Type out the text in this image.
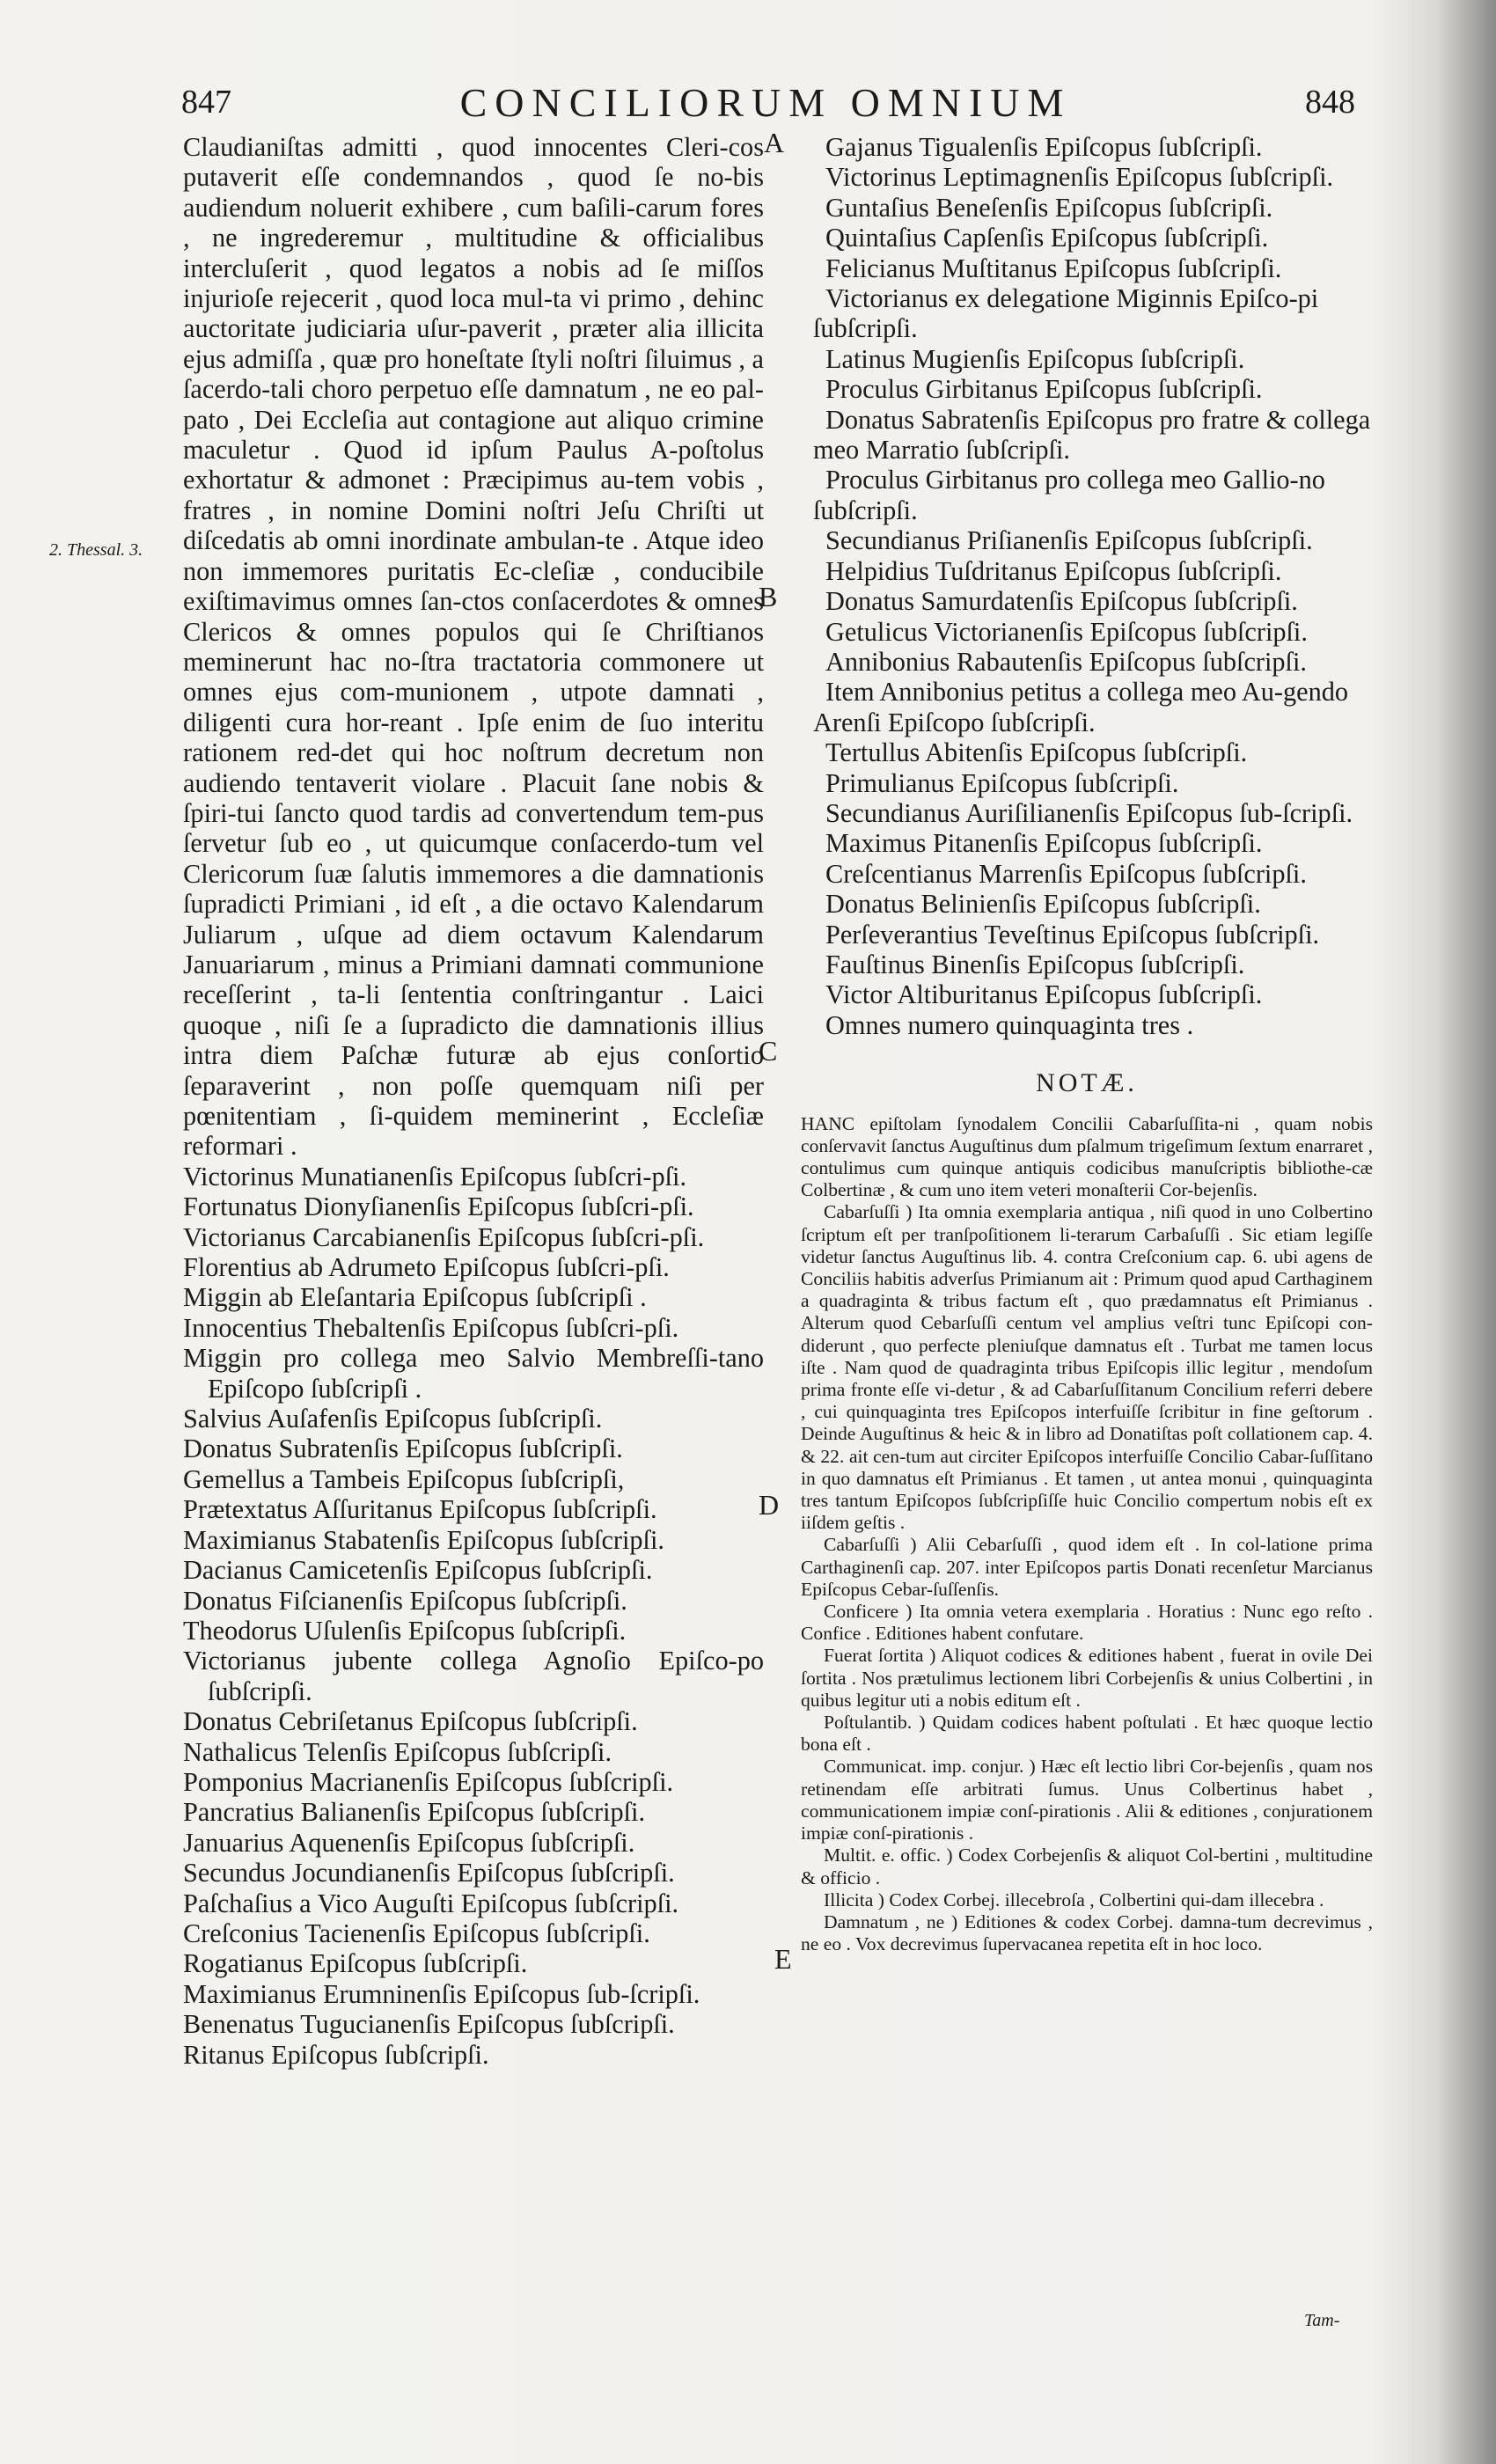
847	CONCILIORUM OMNIUM	848
2. Thessal. 3.
A
B
C
D
E

Claudianiſtas admitti , quod innocentes Cleri-cos putaverit eſſe condemnandos , quod ſe no-bis audiendum noluerit exhibere , cum baſili-carum fores , ne ingrederemur , multitudine & officialibus intercluſerit , quod legatos a nobis ad ſe miſſos injurioſe rejecerit , quod loca mul-ta vi primo , dehinc auctoritate judiciaria uſur-paverit , præter alia illicita ejus admiſſa , quæ pro honeſtate ſtyli noſtri ſiluimus , a ſacerdo-tali choro perpetuo eſſe damnatum , ne eo pal-pato , Dei Eccleſia aut contagione aut aliquo crimine maculetur . Quod id ipſum Paulus A-poſtolus exhortatur & admonet : Præcipimus au-tem vobis , fratres , in nomine Domini noſtri Jeſu Chriſti ut diſcedatis ab omni inordinate ambulan-te . Atque ideo non immemores puritatis Ec-cleſiæ , conducibile exiſtimavimus omnes ſan-ctos conſacerdotes & omnes Clericos & omnes populos qui ſe Chriſtianos meminerunt hac no-ſtra tractatoria commonere ut omnes ejus com-munionem , utpote damnati , diligenti cura hor-reant . Ipſe enim de ſuo interitu rationem red-det qui hoc noſtrum decretum non audiendo tentaverit violare . Placuit ſane nobis & ſpiri-tui ſancto quod tardis ad convertendum tem-pus ſervetur ſub eo , ut quicumque conſacerdo-tum vel Clericorum ſuæ ſalutis immemores a die damnationis ſupradicti Primiani , id eſt , a die octavo Kalendarum Juliarum , uſque ad diem octavum Kalendarum Januariarum , minus a Primiani damnati communione receſſerint , ta-li ſententia conſtringantur . Laici quoque , niſi ſe a ſupradicto die damnationis illius intra diem Paſchæ futuræ ab ejus conſortio ſeparaverint , non poſſe quemquam niſi per pœnitentiam , ſi-quidem meminerint , Eccleſiæ reformari .

Victorinus Munatianenſis Epiſcopus ſubſcri-pſi.

Fortunatus Dionyſianenſis Epiſcopus ſubſcri-pſi.

Victorianus Carcabianenſis Epiſcopus ſubſcri-pſi.

Florentius ab Adrumeto Epiſcopus ſubſcri-pſi.

Miggin ab Eleſantaria Epiſcopus ſubſcripſi .

Innocentius Thebaltenſis Epiſcopus ſubſcri-pſi.

Miggin pro collega meo Salvio Membreſſi-tano Epiſcopo ſubſcripſi .

Salvius Auſafenſis Epiſcopus ſubſcripſi.

Donatus Subratenſis Epiſcopus ſubſcripſi.

Gemellus a Tambeis Epiſcopus ſubſcripſi,

Prætextatus Aſſuritanus Epiſcopus ſubſcripſi.

Maximianus Stabatenſis Epiſcopus ſubſcripſi.

Dacianus Camicetenſis Epiſcopus ſubſcripſi.

Donatus Fiſcianenſis Epiſcopus ſubſcripſi.

Theodorus Uſulenſis Epiſcopus ſubſcripſi.

Victorianus jubente collega Agnoſio Epiſco-po ſubſcripſi.

Donatus Cebriſetanus Epiſcopus ſubſcripſi.

Nathalicus Telenſis Epiſcopus ſubſcripſi.

Pomponius Macrianenſis Epiſcopus ſubſcripſi.

Pancratius Balianenſis Epiſcopus ſubſcripſi.

Januarius Aquenenſis Epiſcopus ſubſcripſi.

Secundus Jocundianenſis Epiſcopus ſubſcripſi.

Paſchaſius a Vico Auguſti Epiſcopus ſubſcripſi.

Creſconius Tacienenſis Epiſcopus ſubſcripſi.

Rogatianus Epiſcopus ſubſcripſi.

Maximianus Erumninenſis Epiſcopus ſub-ſcripſi.

Benenatus Tugucianenſis Epiſcopus ſubſcripſi.

Ritanus Epiſcopus ſubſcripſi.

Gajanus Tigualenſis Epiſcopus ſubſcripſi.

Victorinus Leptimagnenſis Epiſcopus ſubſcripſi.

Guntaſius Beneſenſis Epiſcopus ſubſcripſi.

Quintaſius Capſenſis Epiſcopus ſubſcripſi.

Felicianus Muſtitanus Epiſcopus ſubſcripſi.

Victorianus ex delegatione Miginnis Epiſco-pi ſubſcripſi.

Latinus Mugienſis Epiſcopus ſubſcripſi.

Proculus Girbitanus Epiſcopus ſubſcripſi.

Donatus Sabratenſis Epiſcopus pro fratre & collega meo Marratio ſubſcripſi.

Proculus Girbitanus pro collega meo Gallio-no ſubſcripſi.

Secundianus Priſianenſis Epiſcopus ſubſcripſi.

Helpidius Tuſdritanus Epiſcopus ſubſcripſi.

Donatus Samurdatenſis Epiſcopus ſubſcripſi.

Getulicus Victorianenſis Epiſcopus ſubſcripſi.

Annibonius Rabautenſis Epiſcopus ſubſcripſi.

Item Annibonius petitus a collega meo Au-gendo Arenſi Epiſcopo ſubſcripſi.

Tertullus Abitenſis Epiſcopus ſubſcripſi.

Primulianus Epiſcopus ſubſcripſi.

Secundianus Auriſilianenſis Epiſcopus ſub-ſcripſi.

Maximus Pitanenſis Epiſcopus ſubſcripſi.

Creſcentianus Marrenſis Epiſcopus ſubſcripſi.

Donatus Belinienſis Epiſcopus ſubſcripſi.

Perſeverantius Teveſtinus Epiſcopus ſubſcripſi.

Fauſtinus Binenſis Epiſcopus ſubſcripſi.

Victor Altiburitanus Epiſcopus ſubſcripſi.

Omnes numero quinquaginta tres .

NOTÆ.

HANC epiſtolam ſynodalem Concilii Cabarſuſſita-ni , quam nobis conſervavit ſanctus Auguſtinus dum pſalmum trigeſimum ſextum enarraret , contulimus cum quinque antiquis codicibus manuſcriptis bibliothe-cæ Colbertinæ , & cum uno item veteri monaſterii Cor-bejenſis.

Cabarſuſſi ) Ita omnia exemplaria antiqua , niſi quod in uno Colbertino ſcriptum eſt per tranſpoſitionem li-terarum Carbaſuſſi . Sic etiam legiſſe videtur ſanctus Auguſtinus lib. 4. contra Creſconium cap. 6. ubi agens de Conciliis habitis adverſus Primianum ait : Primum quod apud Carthaginem a quadraginta & tribus factum eſt , quo prædamnatus eſt Primianus . Alterum quod Cebarſuſſi centum vel amplius veſtri tunc Epiſcopi con-diderunt , quo perfecte pleniuſque damnatus eſt . Turbat me tamen locus iſte . Nam quod de quadraginta tribus Epiſcopis illic legitur , mendoſum prima fronte eſſe vi-detur , & ad Cabarſuſſitanum Concilium referri debere , cui quinquaginta tres Epiſcopos interfuiſſe ſcribitur in fine geſtorum . Deinde Auguſtinus & heic & in libro ad Donatiſtas poſt collationem cap. 4. & 22. ait cen-tum aut circiter Epiſcopos interfuiſſe Concilio Cabar-ſuſſitano in quo damnatus eſt Primianus . Et tamen , ut antea monui , quinquaginta tres tantum Epiſcopos ſubſcripſiſſe huic Concilio compertum nobis eſt ex iiſdem geſtis .

Cabarſuſſi ) Alii Cebarſuſſi , quod idem eſt . In col-latione prima Carthaginenſi cap. 207. inter Epiſcopos partis Donati recenſetur Marcianus Epiſcopus Cebar-ſuſſenſis.

Conficere ) Ita omnia vetera exemplaria . Horatius : Nunc ego reſto . Confice . Editiones habent confutare.

Fuerat ſortita ) Aliquot codices & editiones habent , fuerat in ovile Dei ſortita . Nos prætulimus lectionem libri Corbejenſis & unius Colbertini , in quibus legitur uti a nobis editum eſt .

Poſtulantib. ) Quidam codices habent poſtulati . Et hæc quoque lectio bona eſt .

Communicat. imp. conjur. ) Hæc eſt lectio libri Cor-bejenſis , quam nos retinendam eſſe arbitrati ſumus. Unus Colbertinus habet , communicationem impiæ conſ-pirationis . Alii & editiones , conjurationem impiæ conſ-pirationis .

Multit. e. offic. ) Codex Corbejenſis & aliquot Col-bertini , multitudine & officio .

Illicita ) Codex Corbej. illecebroſa , Colbertini qui-dam illecebra .

Damnatum , ne ) Editiones & codex Corbej. damna-tum decrevimus , ne eo . Vox decrevimus ſupervacanea repetita eſt in hoc loco.

Tam-
